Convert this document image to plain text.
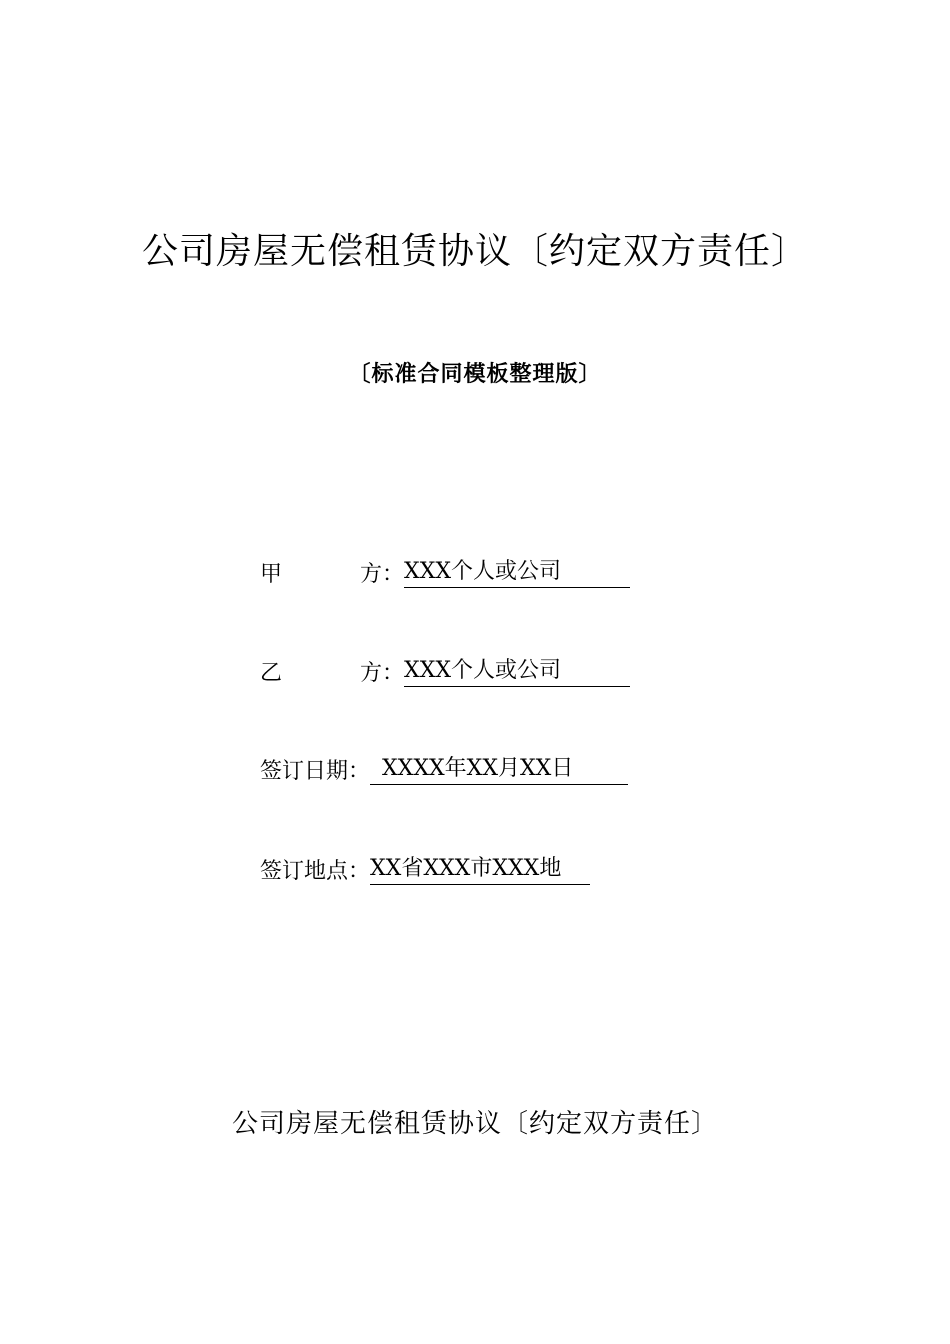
公司房屋无偿租赁协议〔约定双方责任〕
〔标准合同模板整理版〕
甲	方：XXX个人或公司
乙	方：XXX个人或公司
签订日期： XXXX年XX月XX日
签订地点：XX省XXX市XXX地
公司房屋无偿租赁协议〔约定双方责任〕
